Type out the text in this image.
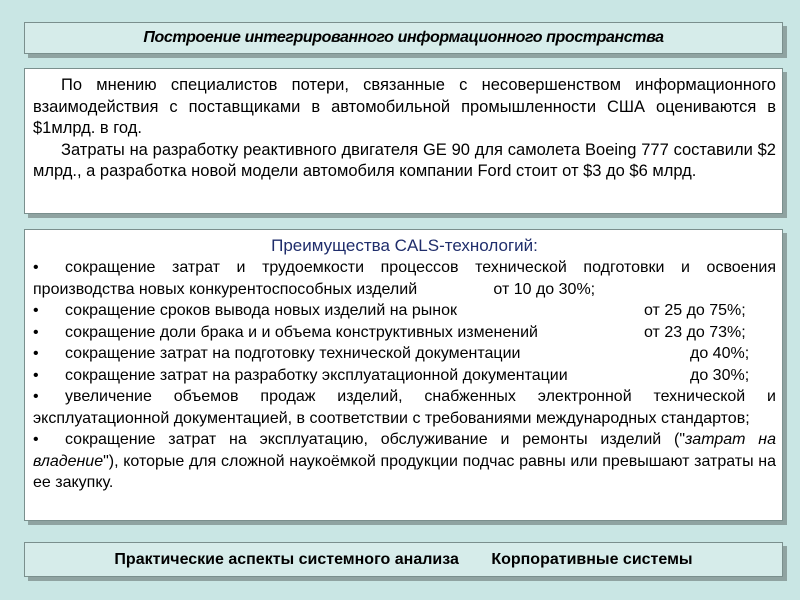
Построение интегрированного информационного пространства

По мнению специалистов потери, связанные с несовершенством информационного взаимодействия с поставщиками в автомобильной промышленности США оцениваются в $1млрд. в год.

Затраты на разработку реактивного двигателя GE 90 для самолета Boeing 777 составили $2 млрд., а разработка новой модели автомобиля компании Ford стоит от $3 до $6 млрд.

Преимущества CALS-технологий:
• сокращение затрат и трудоемкости процессов технической подготовки и освоения производства новых конкурентоспособных изделий	от 10 до 30%;
•	сокращение сроков вывода новых изделий на рынок	от 25 до 75%;
•	сокращение доли брака и и объема конструктивных изменений	от 23 до 73%;
•	сокращение затрат на подготовку технической документации	до 40%;
•	сокращение затрат на разработку эксплуатационной документации	до 30%;
• увеличение объемов продаж изделий, снабженных электронной технической и эксплуатационной документацией, в соответствии с требованиями международных стандартов;
• сокращение затрат на эксплуатацию, обслуживание и ремонты изделий ("затрат на владение"), которые для сложной наукоёмкой продукции подчас равны или превышают затраты на ее закупку.
Практические аспекты системного анализа Корпоративные системы
